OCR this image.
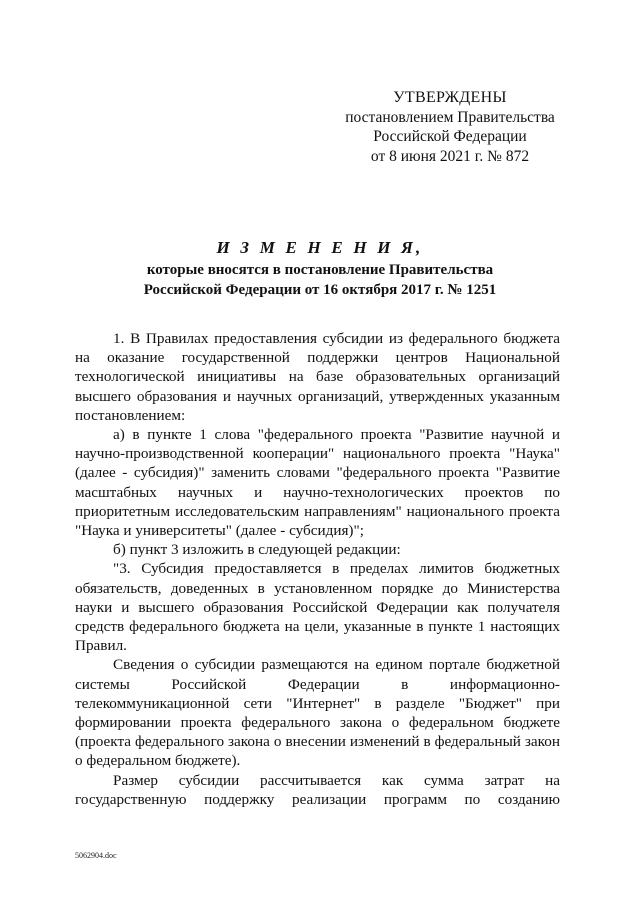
УТВЕРЖДЕНЫ
постановлением Правительства
Российской Федерации
от 8 июня 2021 г. № 872
И З М Е Н Е Н И Я,
которые вносятся в постановление Правительства
Российской Федерации от 16 октября 2017 г. № 1251

1. В Правилах предоставления субсидии из федерального бюджета на оказание государственной поддержки центров Национальной технологической инициативы на базе образовательных организаций высшего образования и научных организаций, утвержденных указанным постановлением:

а) в пункте 1 слова "федерального проекта "Развитие научной и научно-производственной кооперации" национального проекта "Наука" (далее - субсидия)" заменить словами "федерального проекта "Развитие масштабных научных и научно-технологических проектов по приоритетным исследовательским направлениям" национального проекта "Наука и университеты" (далее - субсидия)";

б) пункт 3 изложить в следующей редакции:

"3. Субсидия предоставляется в пределах лимитов бюджетных обязательств, доведенных в установленном порядке до Министерства науки и высшего образования Российской Федерации как получателя средств федерального бюджета на цели, указанные в пункте 1 настоящих Правил.

Сведения о субсидии размещаются на едином портале бюджетной системы Российской Федерации в информационно-телекоммуникационной сети "Интернет" в разделе "Бюджет" при формировании проекта федерального закона о федеральном бюджете (проекта федерального закона о внесении изменений в федеральный закон о федеральном бюджете).

Размер субсидии рассчитывается как сумма затрат на государственную поддержку реализации программ по созданию

5062904.doc
